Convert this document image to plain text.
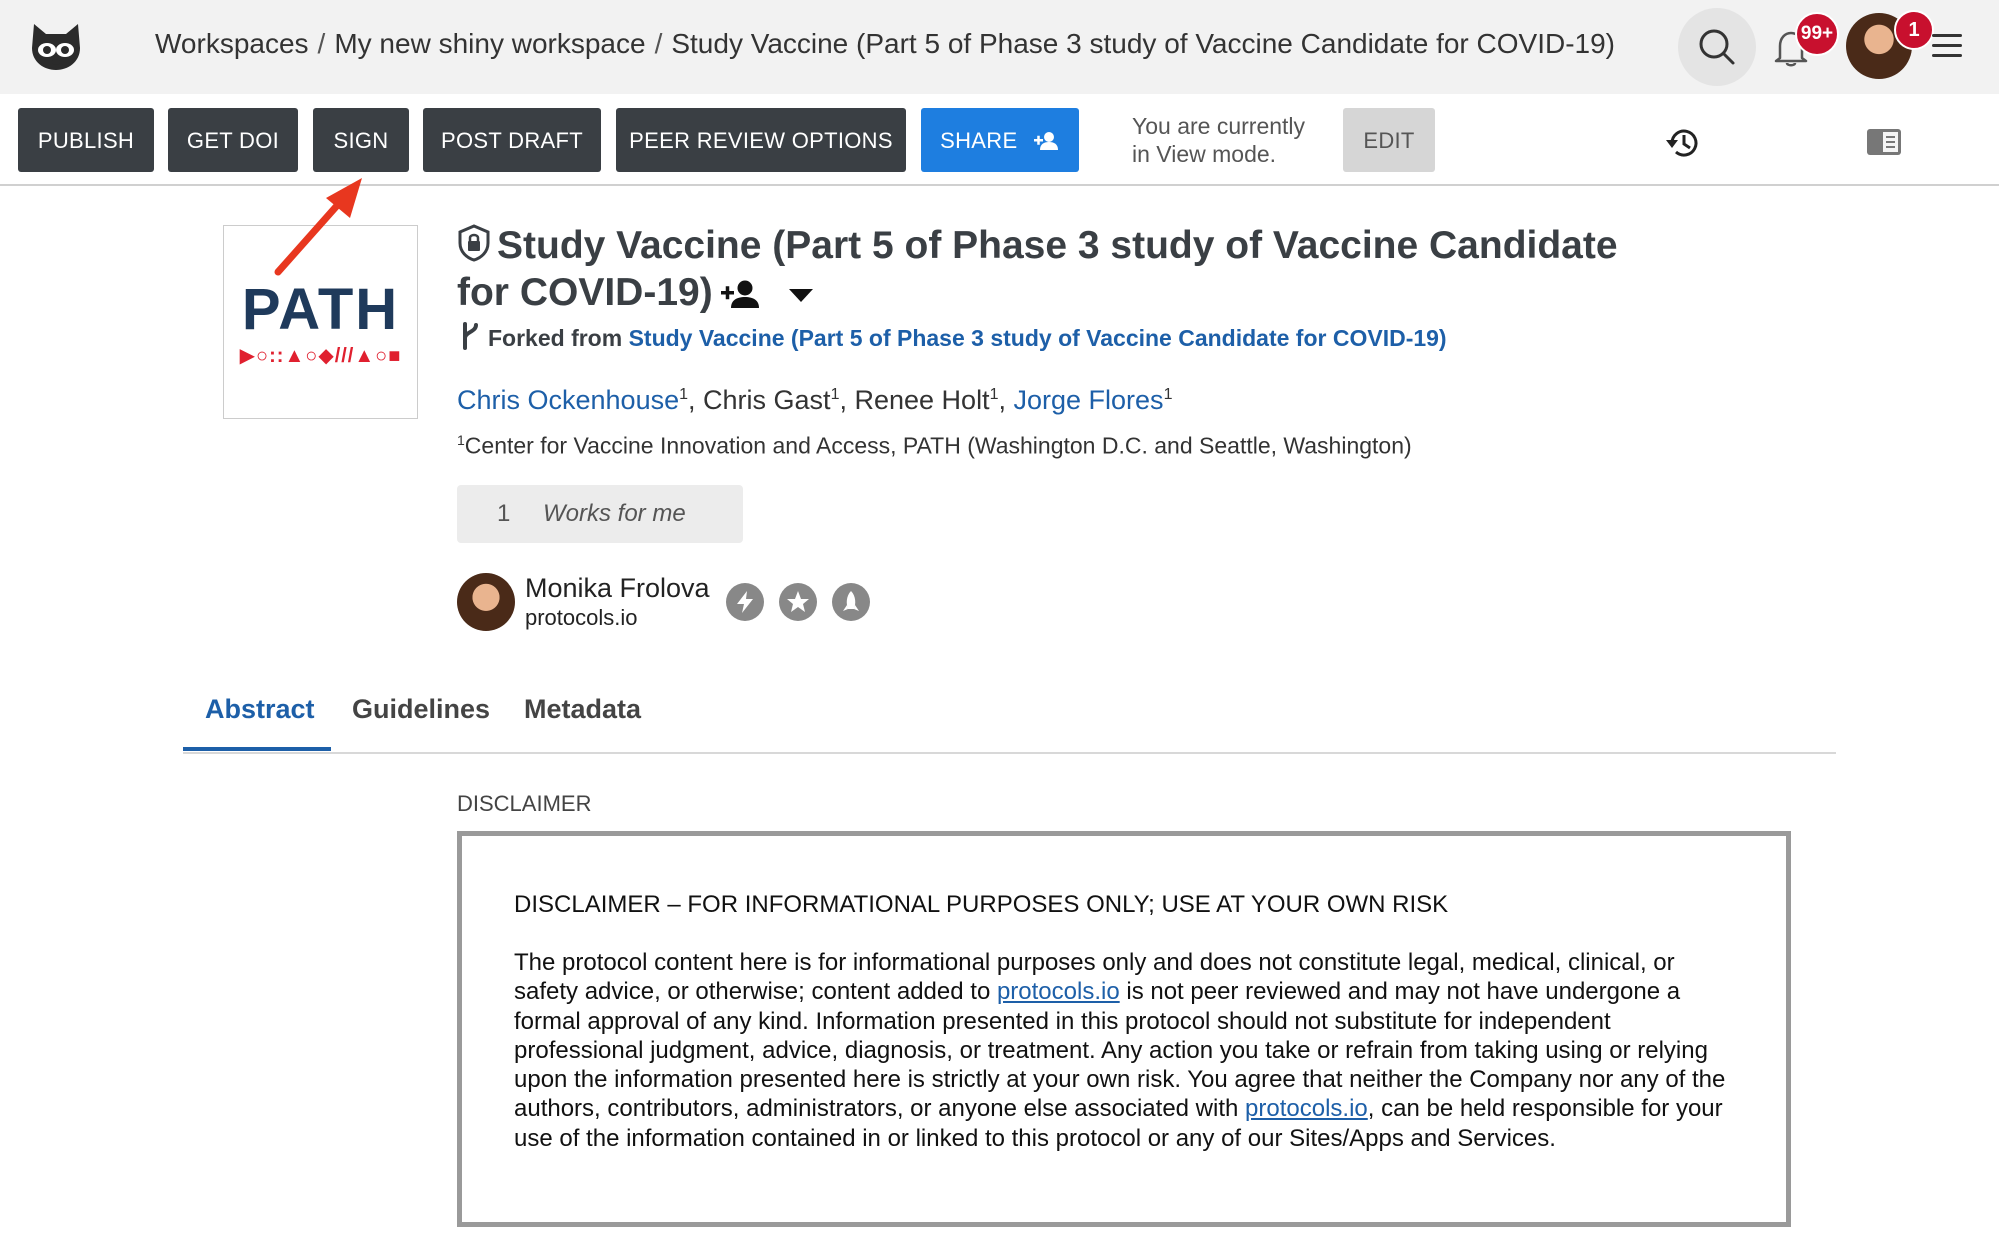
Workspaces / My new shiny workspace / Study Vaccine (Part 5 of Phase 3 study of Vaccine Candidate for COVID-19)	99+	1
PUBLISH	GET DOI	SIGN	POST DRAFT	PEER REVIEW OPTIONS	SHARE
You are currently in View mode.
EDIT
PATH
▶○::▲○◆///▲○■
Study Vaccine (Part 5 of Phase 3 study of Vaccine Candidate for COVID-19)
Forked from Study Vaccine (Part 5 of Phase 3 study of Vaccine Candidate for COVID-19)
Chris Ockenhouse$^1$, Chris Gast$^1$, Renee Holt$^1$, Jorge Flores$^1$
$^1$Center for Vaccine Innovation and Access, PATH (Washington D.C. and Seattle, Washington)
1 Works for me
Monika Frolova
protocols.io
Abstract Guidelines Metadata
DISCLAIMER
DISCLAIMER – FOR INFORMATIONAL PURPOSES ONLY; USE AT YOUR OWN RISK
The protocol content here is for informational purposes only and does not constitute legal, medical, clinical, or safety advice, or otherwise; content added to protocols.io is not peer reviewed and may not have undergone a formal approval of any kind. Information presented in this protocol should not substitute for independent professional judgment, advice, diagnosis, or treatment. Any action you take or refrain from taking using or relying upon the information presented here is strictly at your own risk. You agree that neither the Company nor any of the authors, contributors, administrators, or anyone else associated with protocols.io, can be held responsible for your use of the information contained in or linked to this protocol or any of our Sites/Apps and Services.
